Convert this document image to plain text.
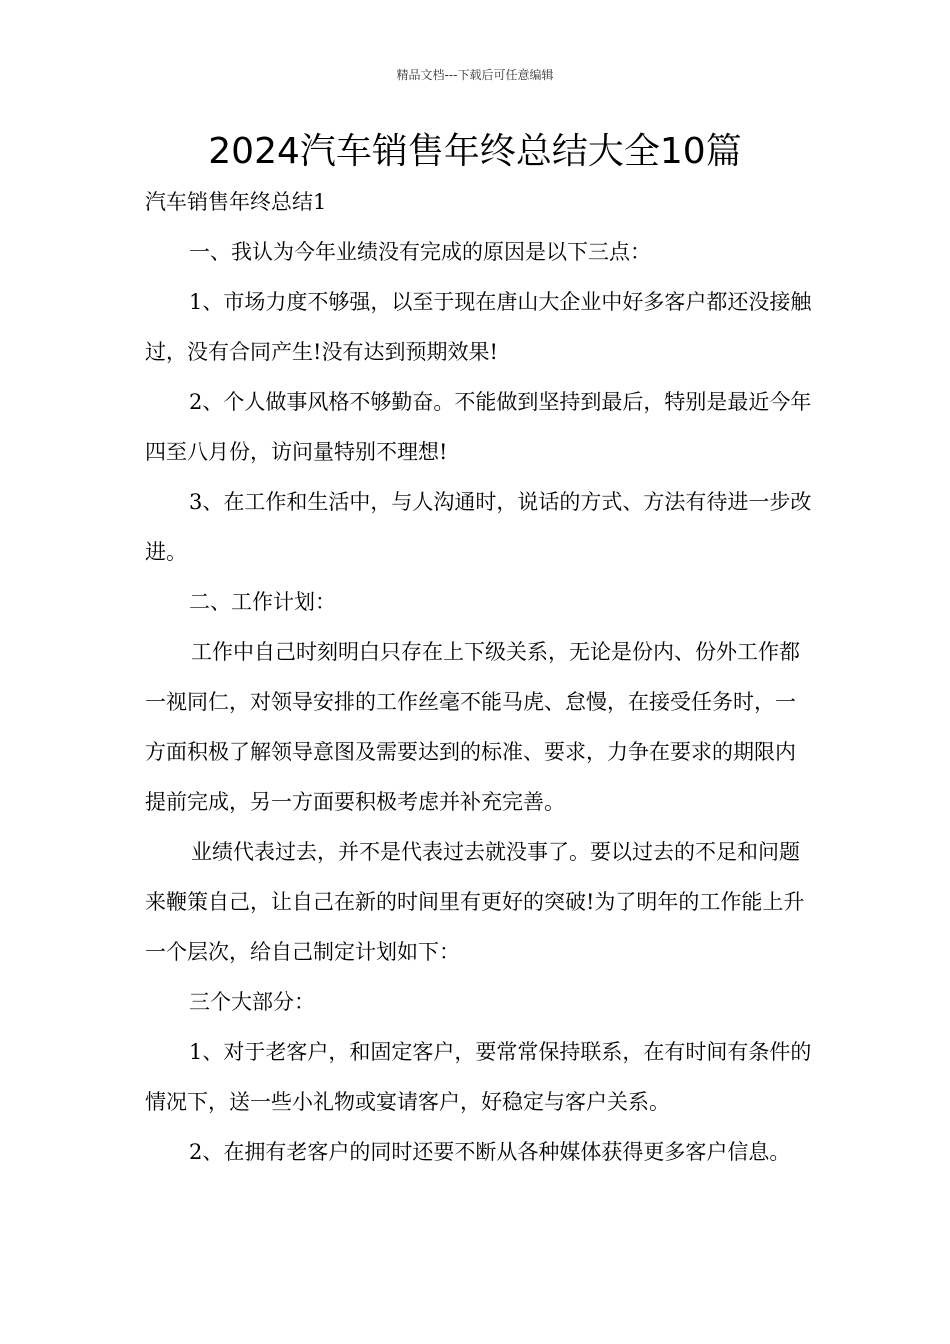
精品文档---下载后可任意编辑
2024汽车销售年终总结大全10篇

汽车销售年终总结1

一、我认为今年业绩没有完成的原因是以下三点：

1、市场力度不够强，以至于现在唐山大企业中好多客户都还没接触过，没有合同产生!没有达到预期效果!

2、个人做事风格不够勤奋。不能做到坚持到最后，特别是最近今年四至八月份，访问量特别不理想!

3、在工作和生活中，与人沟通时，说话的方式、方法有待进一步改进。

二、工作计划：

工作中自己时刻明白只存在上下级关系，无论是份内、份外工作都一视同仁，对领导安排的工作丝毫不能马虎、怠慢，在接受任务时，一方面积极了解领导意图及需要达到的标准、要求，力争在要求的期限内提前完成，另一方面要积极考虑并补充完善。

业绩代表过去，并不是代表过去就没事了。要以过去的不足和问题来鞭策自己，让自己在新的时间里有更好的突破!为了明年的工作能上升一个层次，给自己制定计划如下：

三个大部分：

1、对于老客户，和固定客户，要常常保持联系，在有时间有条件的情况下，送一些小礼物或宴请客户，好稳定与客户关系。

2、在拥有老客户的同时还要不断从各种媒体获得更多客户信息。
